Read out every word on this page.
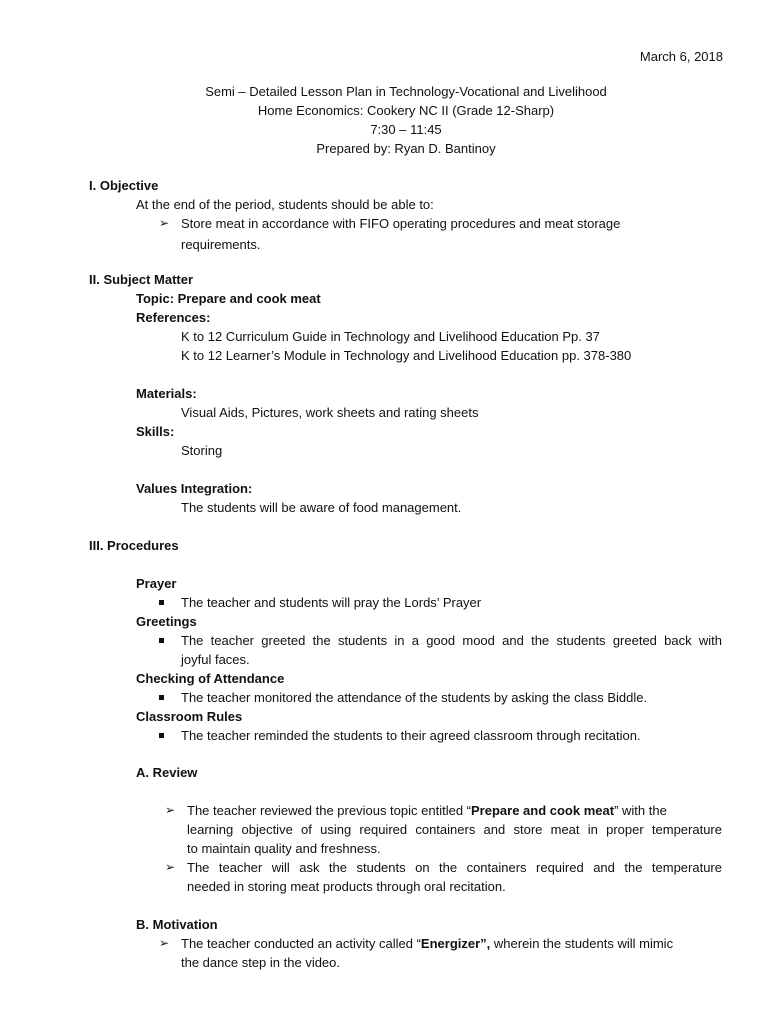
March 6, 2018
Semi – Detailed Lesson Plan in Technology-Vocational and Livelihood
Home Economics: Cookery NC II (Grade 12-Sharp)
7:30 – 11:45
Prepared by: Ryan D. Bantinoy
I. Objective
At the end of the period, students should be able to:
➢ Store meat in accordance with FIFO operating procedures and meat storage
requirements.
II. Subject Matter
Topic: Prepare and cook meat
References:
K to 12 Curriculum Guide in Technology and Livelihood Education Pp. 37
K to 12 Learner’s Module in Technology and Livelihood Education pp. 378-380
Materials:
Visual Aids, Pictures, work sheets and rating sheets
Skills:
Storing
Values Integration:
The students will be aware of food management.
III. Procedures
Prayer
The teacher and students will pray the Lords’ Prayer
Greetings
The teacher greeted the students in a good mood and the students greeted back with
joyful faces.
Checking of Attendance
The teacher monitored the attendance of the students by asking the class Biddle.
Classroom Rules
The teacher reminded the students to their agreed classroom through recitation.
A. Review
➢ The teacher reviewed the previous topic entitled “Prepare and cook meat” with the
learning objective of using required containers and store meat in proper temperature
to maintain quality and freshness.
➢ The teacher will ask the students on the containers required and the temperature
needed in storing meat products through oral recitation.
B. Motivation
➢ The teacher conducted an activity called “Energizer”, wherein the students will mimic
the dance step in the video.
